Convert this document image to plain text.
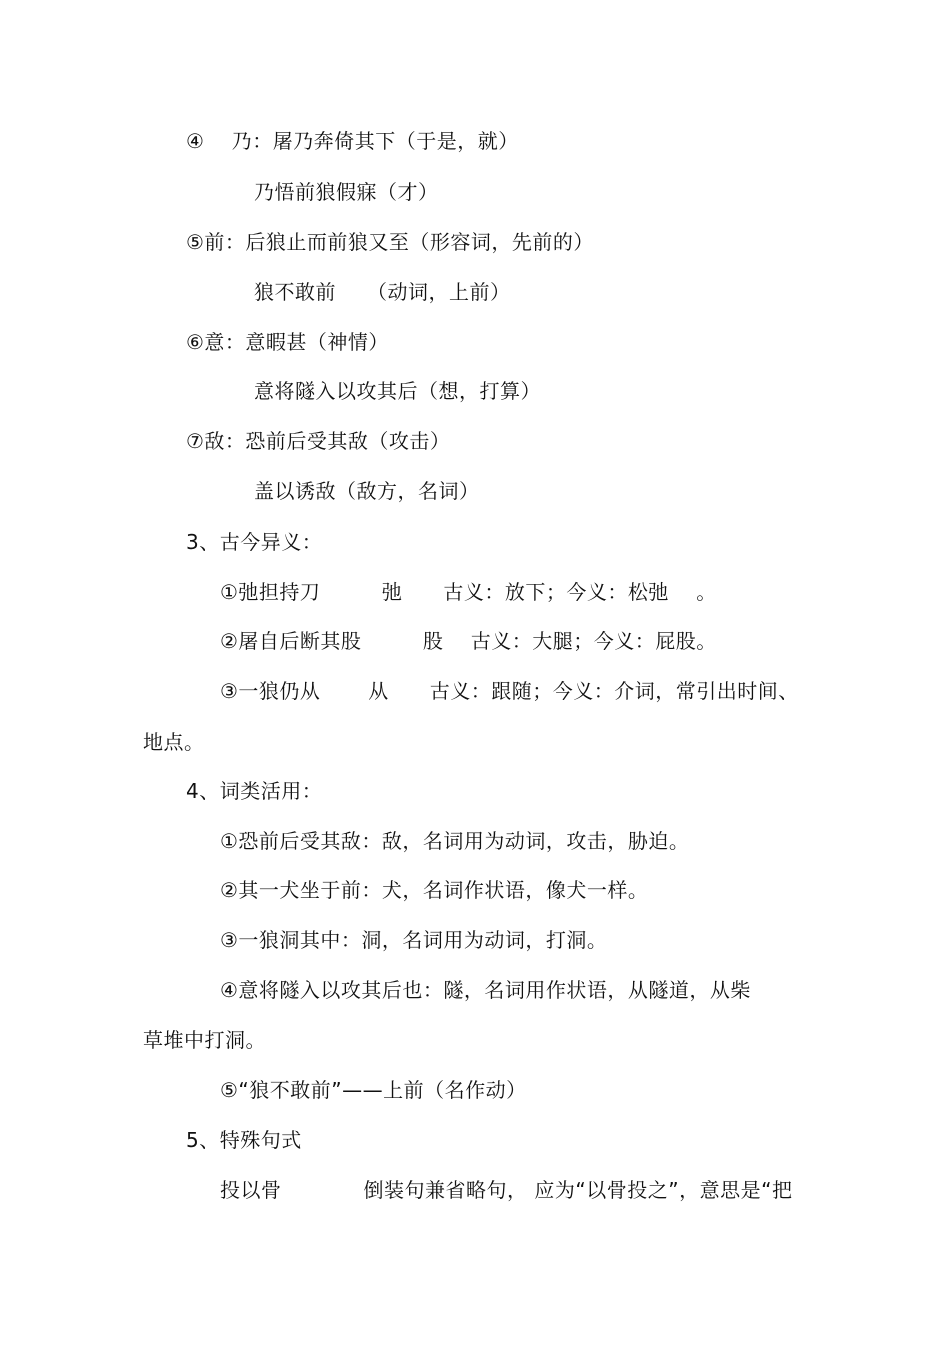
④　 乃：屠乃奔倚其下（于是，就）
乃悟前狼假寐（才）
⑤前：后狼止而前狼又至（形容词，先前的）
狼不敢前　　（动词，上前）
⑥意：意暇甚（神情）
意将隧入以攻其后（想，打算）
⑦敌：恐前后受其敌（攻击）
盖以诱敌（敌方，名词）
3、古今异义：
①弛担持刀　　　弛　　古义：放下；今义：松弛　 。
②屠自后断其股　　　股　 古义：大腿；今义：屁股。
③一狼仍从　　 从　　古义：跟随；今义：介词，常引出时间、
地点。
4、词类活用：
①恐前后受其敌：敌，名词用为动词，攻击，胁迫。
②其一犬坐于前：犬，名词作状语，像犬一样。
③一狼洞其中：洞，名词用为动词，打洞。
④意将隧入以攻其后也：隧，名词用作状语，从隧道，从柴
草堆中打洞。
⑤“狼不敢前”——上前（名作动）
5、特殊句式
投以骨　　　　倒装句兼省略句， 应为“以骨投之”，意思是“把
